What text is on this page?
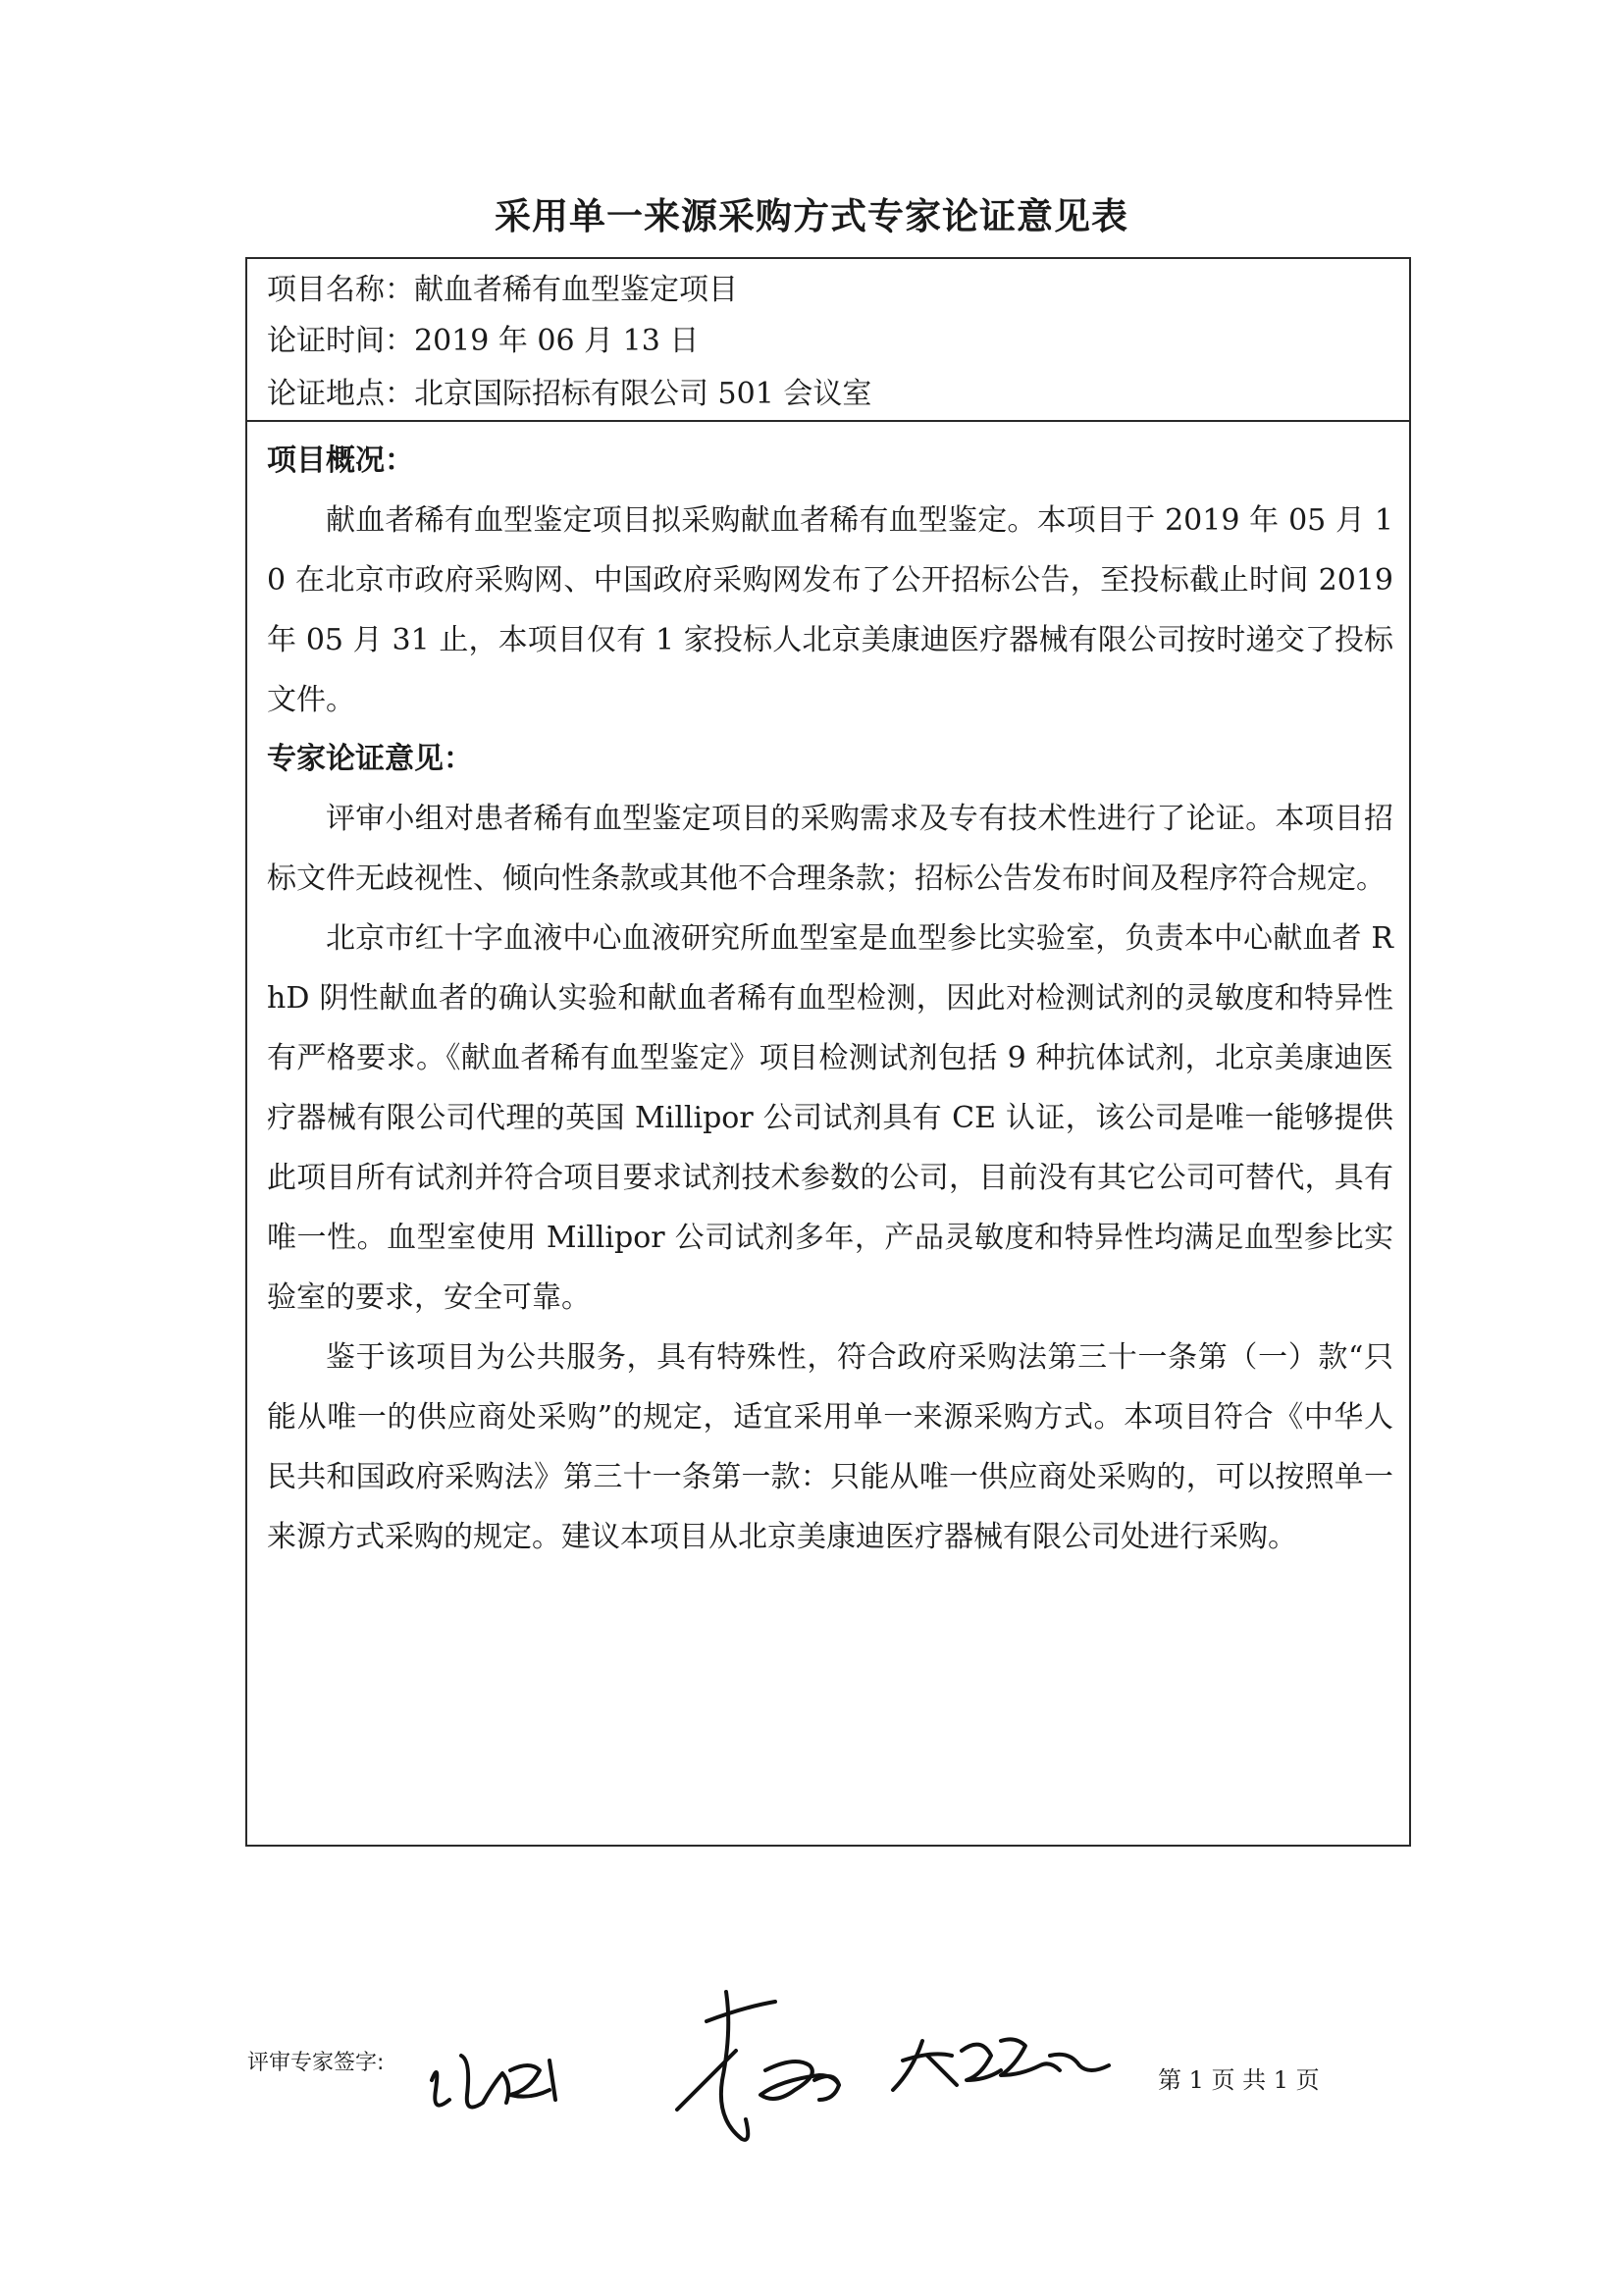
采用单一来源采购方式专家论证意见表
项目名称：献血者稀有血型鉴定项目
论证时间：2019 年 06 月 13 日
论证地点：北京国际招标有限公司 501 会议室

项目概况：

献血者稀有血型鉴定项目拟采购献血者稀有血型鉴定。本项目于 2019 年 05 月 10 在北京市政府采购网、中国政府采购网发布了公开招标公告，至投标截止时间 2019 年 05 月 31 止，本项目仅有 1 家投标人北京美康迪医疗器械有限公司按时递交了投标文件。

专家论证意见：

评审小组对患者稀有血型鉴定项目的采购需求及专有技术性进行了论证。本项目招标文件无歧视性、倾向性条款或其他不合理条款；招标公告发布时间及程序符合规定。

北京市红十字血液中心血液研究所血型室是血型参比实验室，负责本中心献血者 RhD 阴性献血者的确认实验和献血者稀有血型检测，因此对检测试剂的灵敏度和特异性有严格要求。《献血者稀有血型鉴定》项目检测试剂包括 9 种抗体试剂，北京美康迪医疗器械有限公司代理的英国 Millipor 公司试剂具有 CE 认证，该公司是唯一能够提供此项目所有试剂并符合项目要求试剂技术参数的公司，目前没有其它公司可替代，具有唯一性。血型室使用 Millipor 公司试剂多年，产品灵敏度和特异性均满足血型参比实验室的要求，安全可靠。

鉴于该项目为公共服务，具有特殊性，符合政府采购法第三十一条第（一）款“只能从唯一的供应商处采购”的规定，适宜采用单一来源采购方式。本项目符合《中华人民共和国政府采购法》第三十一条第一款：只能从唯一供应商处采购的，可以按照单一来源方式采购的规定。建议本项目从北京美康迪医疗器械有限公司处进行采购。

评审专家签字:
第 1 页 共 1 页
